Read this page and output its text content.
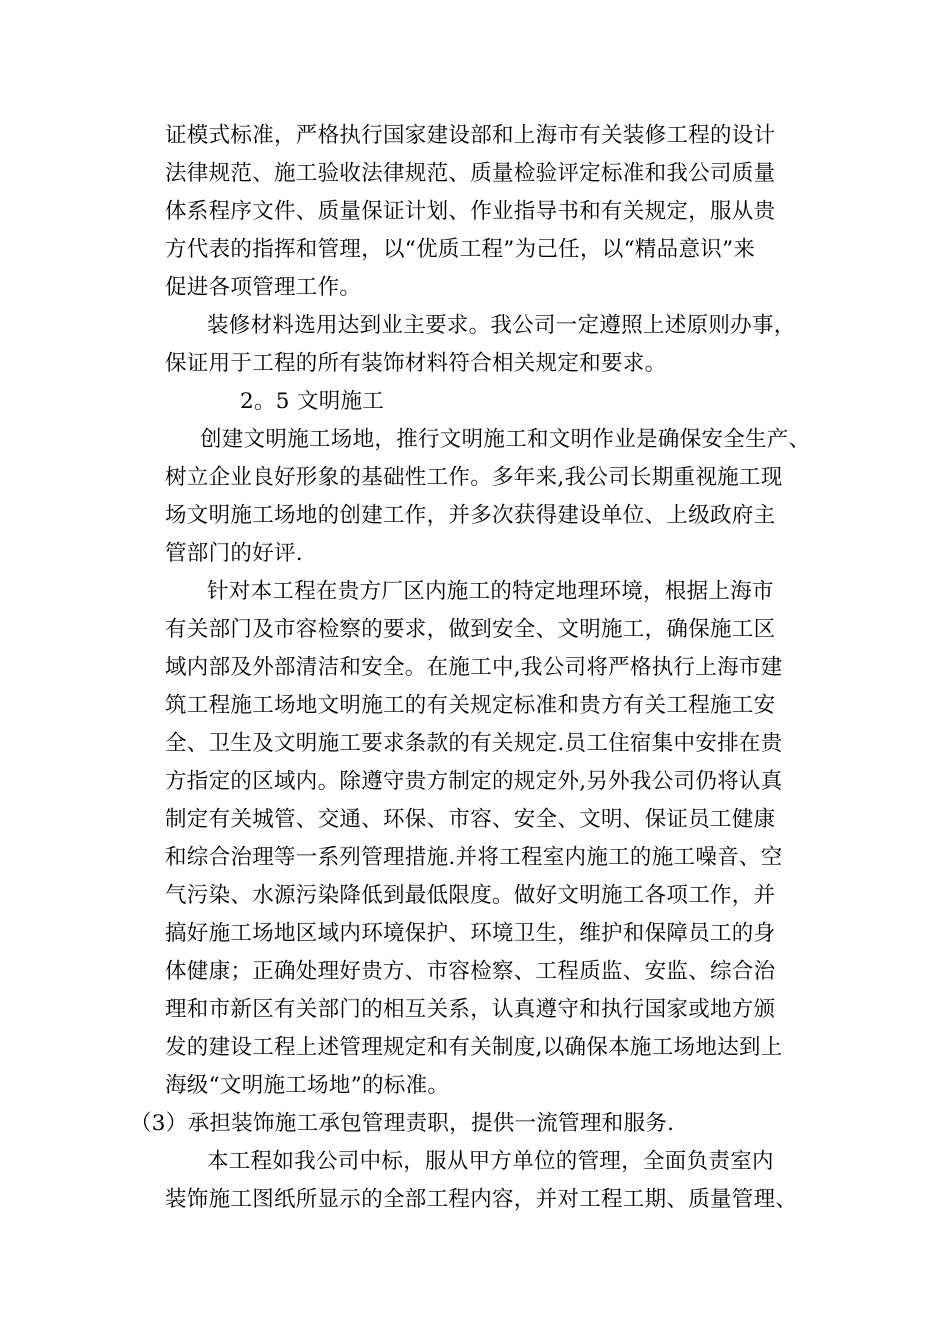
证模式标准，严格执行国家建设部和上海市有关装修工程的设计
法律规范、施工验收法律规范、质量检验评定标准和我公司质量
体系程序文件、质量保证计划、作业指导书和有关规定，服从贵
方代表的指挥和管理，以“优质工程”为己任，以“精品意识”来
促进各项管理工作。
装修材料选用达到业主要求。我公司一定遵照上述原则办事，
保证用于工程的所有装饰材料符合相关规定和要求。
2。5 文明施工
创建文明施工场地，推行文明施工和文明作业是确保安全生产、
树立企业良好形象的基础性工作。多年来,我公司长期重视施工现
场文明施工场地的创建工作，并多次获得建设单位、上级政府主
管部门的好评.
针对本工程在贵方厂区内施工的特定地理环境，根据上海市
有关部门及市容检察的要求，做到安全、文明施工，确保施工区
域内部及外部清洁和安全。在施工中,我公司将严格执行上海市建
筑工程施工场地文明施工的有关规定标准和贵方有关工程施工安
全、卫生及文明施工要求条款的有关规定.员工住宿集中安排在贵
方指定的区域内。除遵守贵方制定的规定外,另外我公司仍将认真
制定有关城管、交通、环保、市容、安全、文明、保证员工健康
和综合治理等一系列管理措施.并将工程室内施工的施工噪音、空
气污染、水源污染降低到最低限度。做好文明施工各项工作，并
搞好施工场地区域内环境保护、环境卫生，维护和保障员工的身
体健康；正确处理好贵方、市容检察、工程质监、安监、综合治
理和市新区有关部门的相互关系，认真遵守和执行国家或地方颁
发的建设工程上述管理规定和有关制度,以确保本施工场地达到上
海级“文明施工场地”的标准。
（3）承担装饰施工承包管理责职，提供一流管理和服务.
本工程如我公司中标，服从甲方单位的管理，全面负责室内
装饰施工图纸所显示的全部工程内容，并对工程工期、质量管理、
